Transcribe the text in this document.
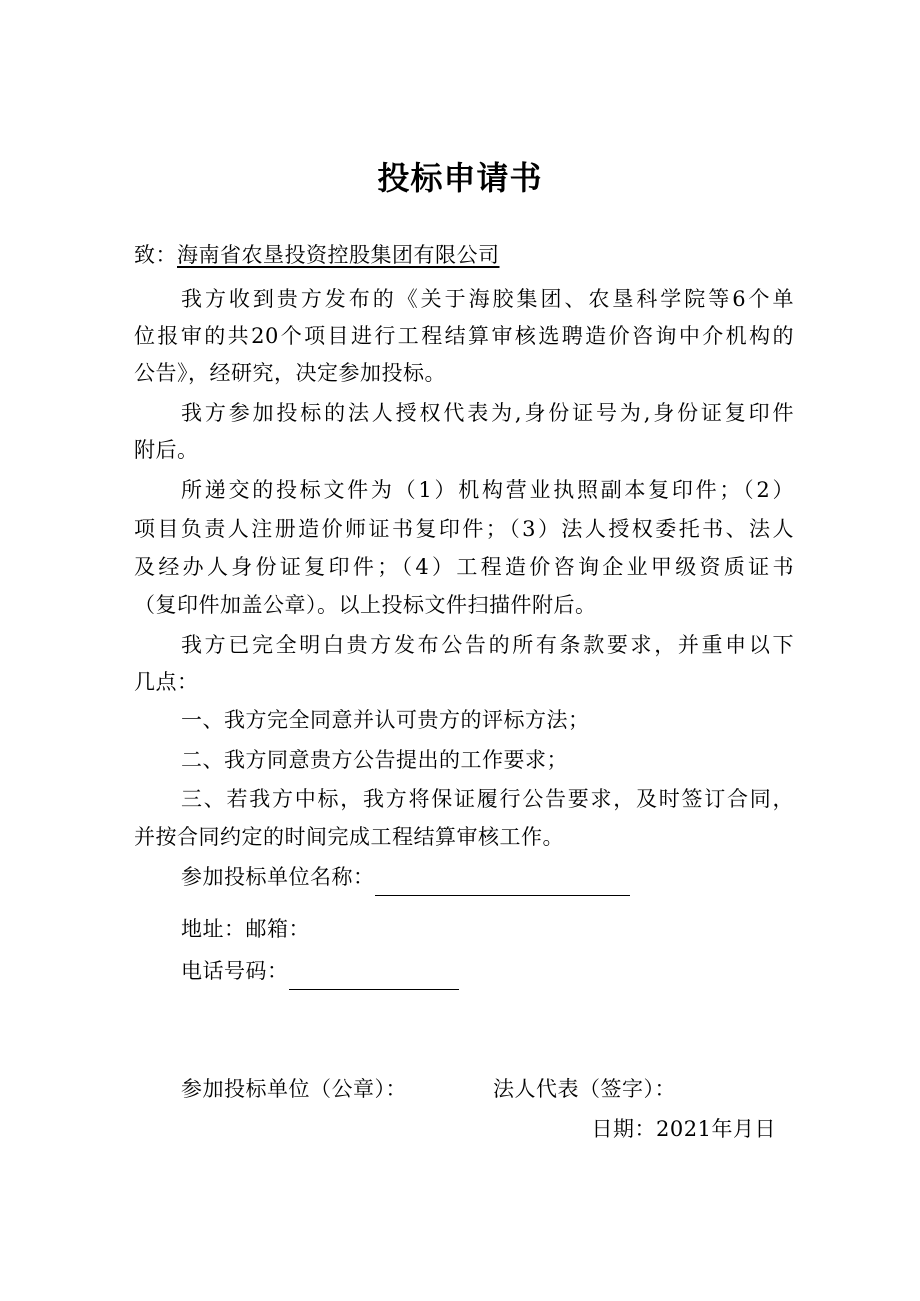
投标申请书
致：海南省农垦投资控股集团有限公司
我方收到贵方发布的《关于海胶集团、农垦科学院等6个单
位报审的共20个项目进行工程结算审核选聘造价咨询中介机构的
公告》，经研究，决定参加投标。
我方参加投标的法人授权代表为,身份证号为,身份证复印件
附后。
所递交的投标文件为（1）机构营业执照副本复印件；（2）
项目负责人注册造价师证书复印件；（3）法人授权委托书、法人
及经办人身份证复印件；（4）工程造价咨询企业甲级资质证书
（复印件加盖公章）。以上投标文件扫描件附后。
我方已完全明白贵方发布公告的所有条款要求，并重申以下
几点：
一、我方完全同意并认可贵方的评标方法；
二、我方同意贵方公告提出的工作要求；
三、若我方中标，我方将保证履行公告要求，及时签订合同，
并按合同约定的时间完成工程结算审核工作。
参加投标单位名称：
地址：邮箱：
电话号码：
参加投标单位（公章）：	法人代表（签字）：
日期：2021年月日
